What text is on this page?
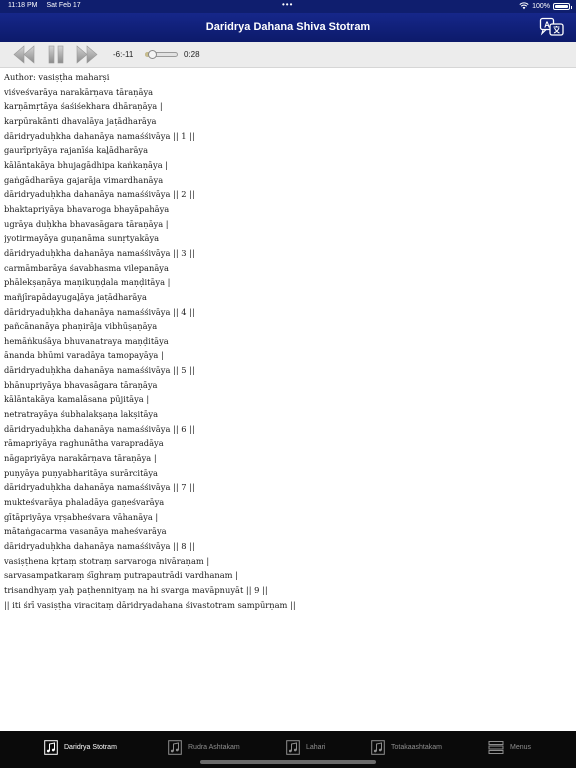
11:18 PM Sat Feb 17	•••	100%
Daridrya Dahana Shiva Stotram	A
-6:-11	0:28
Author: vasiṣṭha maharṣi
viśveśvarāya narakārṇava tāraṇāya
karṇāmṛtāya śaśiśekhara dhāraṇāya |
karpūrakānti dhavalāya jaṭādharāya
dāridryaduḥkha dahanāya namaśśivāya || 1 ||
gaurīpriyāya rajanīśa kaḻādharāya
kālāntakāya bhujagādhipa kaṅkaṇāya |
gaṅgādharāya gajarāja vimardhanāya
dāridryaduḥkha dahanāya namaśśivāya || 2 ||
bhaktapriyāya bhavaroga bhayāpahāya
ugrāya duḥkha bhavasāgara tāraṇāya |
jyotirmayāya guṇanāma sunṛtyakāya
dāridryaduḥkha dahanāya namaśśivāya || 3 ||
carmāmbarāya śavabhasma vilepanāya
phālekṣaṇāya maṇikuṇḍala maṇḍitāya |
mañjīrapādayugaḻāya jaṭādharāya
dāridryaduḥkha dahanāya namaśśivāya || 4 ||
pañcānanāya phaṇirāja vibhūṣaṇāya
hemāṅkuśāya bhuvanatraya maṇḍitāya
ānanda bhūmi varadāya tamopayāya |
dāridryaduḥkha dahanāya namaśśivāya || 5 ||
bhānupriyāya bhavasāgara tāraṇāya
kālāntakāya kamalāsana pūjitāya |
netratrayāya śubhalakṣaṇa lakṣitāya
dāridryaduḥkha dahanāya namaśśivāya || 6 ||
rāmapriyāya raghunātha varapradāya
nāgapriyāya narakārṇava tāraṇāya |
puṇyāya puṇyabharitāya surārcitāya
dāridryaduḥkha dahanāya namaśśivāya || 7 ||
mukteśvarāya phaladāya gaṇeśvarāya
gītāpriyāya vṛṣabheśvara vāhanāya |
mātaṅgacarma vasanāya maheśvarāya
dāridryaduḥkha dahanāya namaśśivāya || 8 ||
vasiṣṭhena kṛtaṃ stotraṃ sarvaroga nivāraṇam |
sarvasampatkaraṃ śīghraṃ putrapautrādi vardhanam |
trisandhyaṃ yaḥ paṭhennityaṃ na hi svarga mavāpnuyāt || 9 ||
|| iti śrī vasiṣṭha viracitaṃ dāridryadahana śivastotram sampūrṇam ||
Daridrya Stotram	Rudra Ashtakam	Lahari	Totakaashtakam	Menus
